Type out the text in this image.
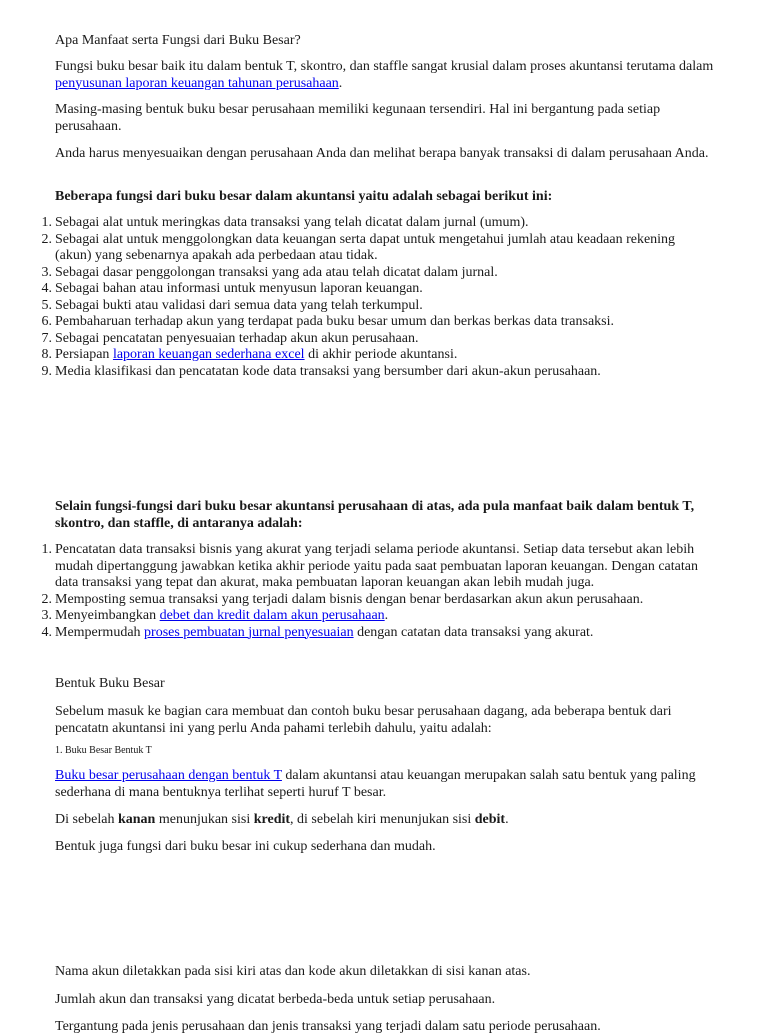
Apa Manfaat serta Fungsi dari Buku Besar?

Fungsi buku besar baik itu dalam bentuk T, skontro, dan staffle sangat krusial dalam proses akuntansi terutama dalam penyusunan laporan keuangan tahunan perusahaan.

Masing-masing bentuk buku besar perusahaan memiliki kegunaan tersendiri. Hal ini bergantung pada setiap perusahaan.

Anda harus menyesuaikan dengan perusahaan Anda dan melihat berapa banyak transaksi di dalam perusahaan Anda.

Beberapa fungsi dari buku besar dalam akuntansi yaitu adalah sebagai berikut ini:

1. Sebagai alat untuk meringkas data transaksi yang telah dicatat dalam jurnal (umum).
2. Sebagai alat untuk menggolongkan data keuangan serta dapat untuk mengetahui jumlah atau keadaan rekening (akun) yang sebenarnya apakah ada perbedaan atau tidak.
3. Sebagai dasar penggolongan transaksi yang ada atau telah dicatat dalam jurnal.
4. Sebagai bahan atau informasi untuk menyusun laporan keuangan.
5. Sebagai bukti atau validasi dari semua data yang telah terkumpul.
6. Pembaharuan terhadap akun yang terdapat pada buku besar umum dan berkas berkas data transaksi.
7. Sebagai pencatatan penyesuaian terhadap akun akun perusahaan.
8. Persiapan laporan keuangan sederhana excel di akhir periode akuntansi.
9. Media klasifikasi dan pencatatan kode data transaksi yang bersumber dari akun-akun perusahaan.

Selain fungsi-fungsi dari buku besar akuntansi perusahaan di atas, ada pula manfaat baik dalam bentuk T, skontro, dan staffle, di antaranya adalah:

1. Pencatatan data transaksi bisnis yang akurat yang terjadi selama periode akuntansi. Setiap data tersebut akan lebih mudah dipertanggung jawabkan ketika akhir periode yaitu pada saat pembuatan laporan keuangan. Dengan catatan data transaksi yang tepat dan akurat, maka pembuatan laporan keuangan akan lebih mudah juga.
2. Memposting semua transaksi yang terjadi dalam bisnis dengan benar berdasarkan akun akun perusahaan.
3. Menyeimbangkan debet dan kredit dalam akun perusahaan.
4. Mempermudah proses pembuatan jurnal penyesuaian dengan catatan data transaksi yang akurat.

Bentuk Buku Besar

Sebelum masuk ke bagian cara membuat dan contoh buku besar perusahaan dagang, ada beberapa bentuk dari pencatatn akuntansi ini yang perlu Anda pahami terlebih dahulu, yaitu adalah:

1. Buku Besar Bentuk T

Buku besar perusahaan dengan bentuk T dalam akuntansi atau keuangan merupakan salah satu bentuk yang paling sederhana di mana bentuknya terlihat seperti huruf T besar.

Di sebelah kanan menunjukan sisi kredit, di sebelah kiri menunjukan sisi debit.

Bentuk juga fungsi dari buku besar ini cukup sederhana dan mudah.

Nama akun diletakkan pada sisi kiri atas dan kode akun diletakkan di sisi kanan atas.

Jumlah akun dan transaksi yang dicatat berbeda-beda untuk setiap perusahaan.

Tergantung pada jenis perusahaan dan jenis transaksi yang terjadi dalam satu periode perusahaan.
